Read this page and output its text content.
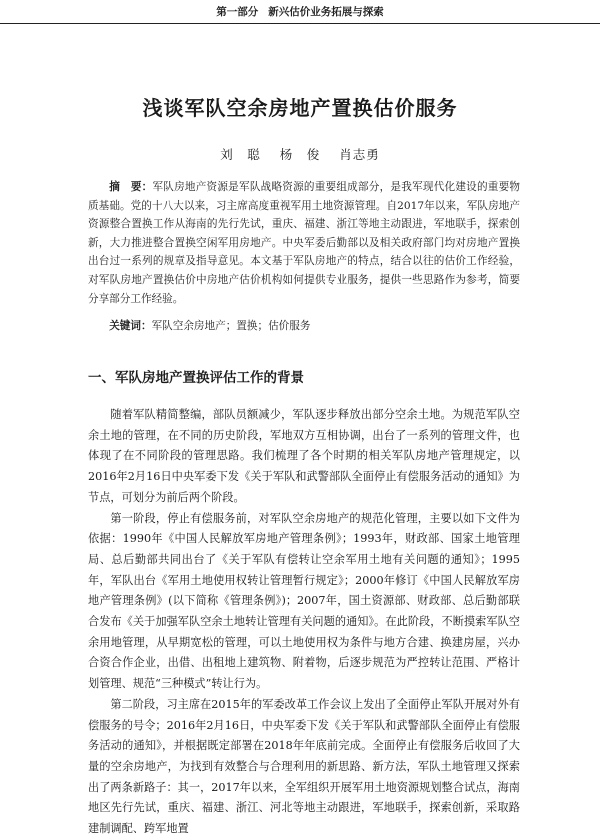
第一部分 新兴估价业务拓展与探索
浅谈军队空余房地产置换估价服务
刘　聪 杨　俊 肖志勇
摘　要：军队房地产资源是军队战略资源的重要组成部分，是我军现代化建设的重要物质基础。党的十八大以来，习主席高度重视军用土地资源管理。自2017年以来，军队房地产资源整合置换工作从海南的先行先试，重庆、福建、浙江等地主动跟进，军地联手，探索创新，大力推进整合置换空闲军用房地产。中央军委后勤部以及相关政府部门均对房地产置换出台过一系列的规章及指导意见。本文基于军队房地产的特点，结合以往的估价工作经验，对军队房地产置换估价中房地产估价机构如何提供专业服务，提供一些思路作为参考，简要分享部分工作经验。
关键词：军队空余房地产；置换；估价服务
一、军队房地产置换评估工作的背景

随着军队精简整编，部队员额减少，军队逐步释放出部分空余土地。为规范军队空余土地的管理，在不同的历史阶段，军地双方互相协调，出台了一系列的管理文件，也体现了在不同阶段的管理思路。我们梳理了各个时期的相关军队房地产管理规定，以2016年2月16日中央军委下发《关于军队和武警部队全面停止有偿服务活动的通知》为节点，可划分为前后两个阶段。

第一阶段，停止有偿服务前，对军队空余房地产的规范化管理，主要以如下文件为依据：1990年《中国人民解放军房地产管理条例》；1993年，财政部、国家土地管理局、总后勤部共同出台了《关于军队有偿转让空余军用土地有关问题的通知》；1995年，军队出台《军用土地使用权转让管理暂行规定》；2000年修订《中国人民解放军房地产管理条例》(以下简称《管理条例》)；2007年，国土资源部、财政部、总后勤部联合发布《关于加强军队空余土地转让管理有关问题的通知》。在此阶段，不断摸索军队空余用地管理，从早期宽松的管理，可以土地使用权为条件与地方合建、换建房屋，兴办合资合作企业，出借、出租地上建筑物、附着物，后逐步规范为严控转让范围、严格计划管理、规范“三种模式”转让行为。

第二阶段，习主席在2015年的军委改革工作会议上发出了全面停止军队开展对外有偿服务的号令；2016年2月16日，中央军委下发《关于军队和武警部队全面停止有偿服务活动的通知》，并根据既定部署在2018年年底前完成。全面停止有偿服务后收回了大量的空余房地产，为找到有效整合与合理利用的新思路、新方法，军队土地管理又探索出了两条新路子：其一，2017年以来，全军组织开展军用土地资源规划整合试点，海南地区先行先试，重庆、福建、浙江、河北等地主动跟进，军地联手，探索创新，采取路建制调配、跨军地置
